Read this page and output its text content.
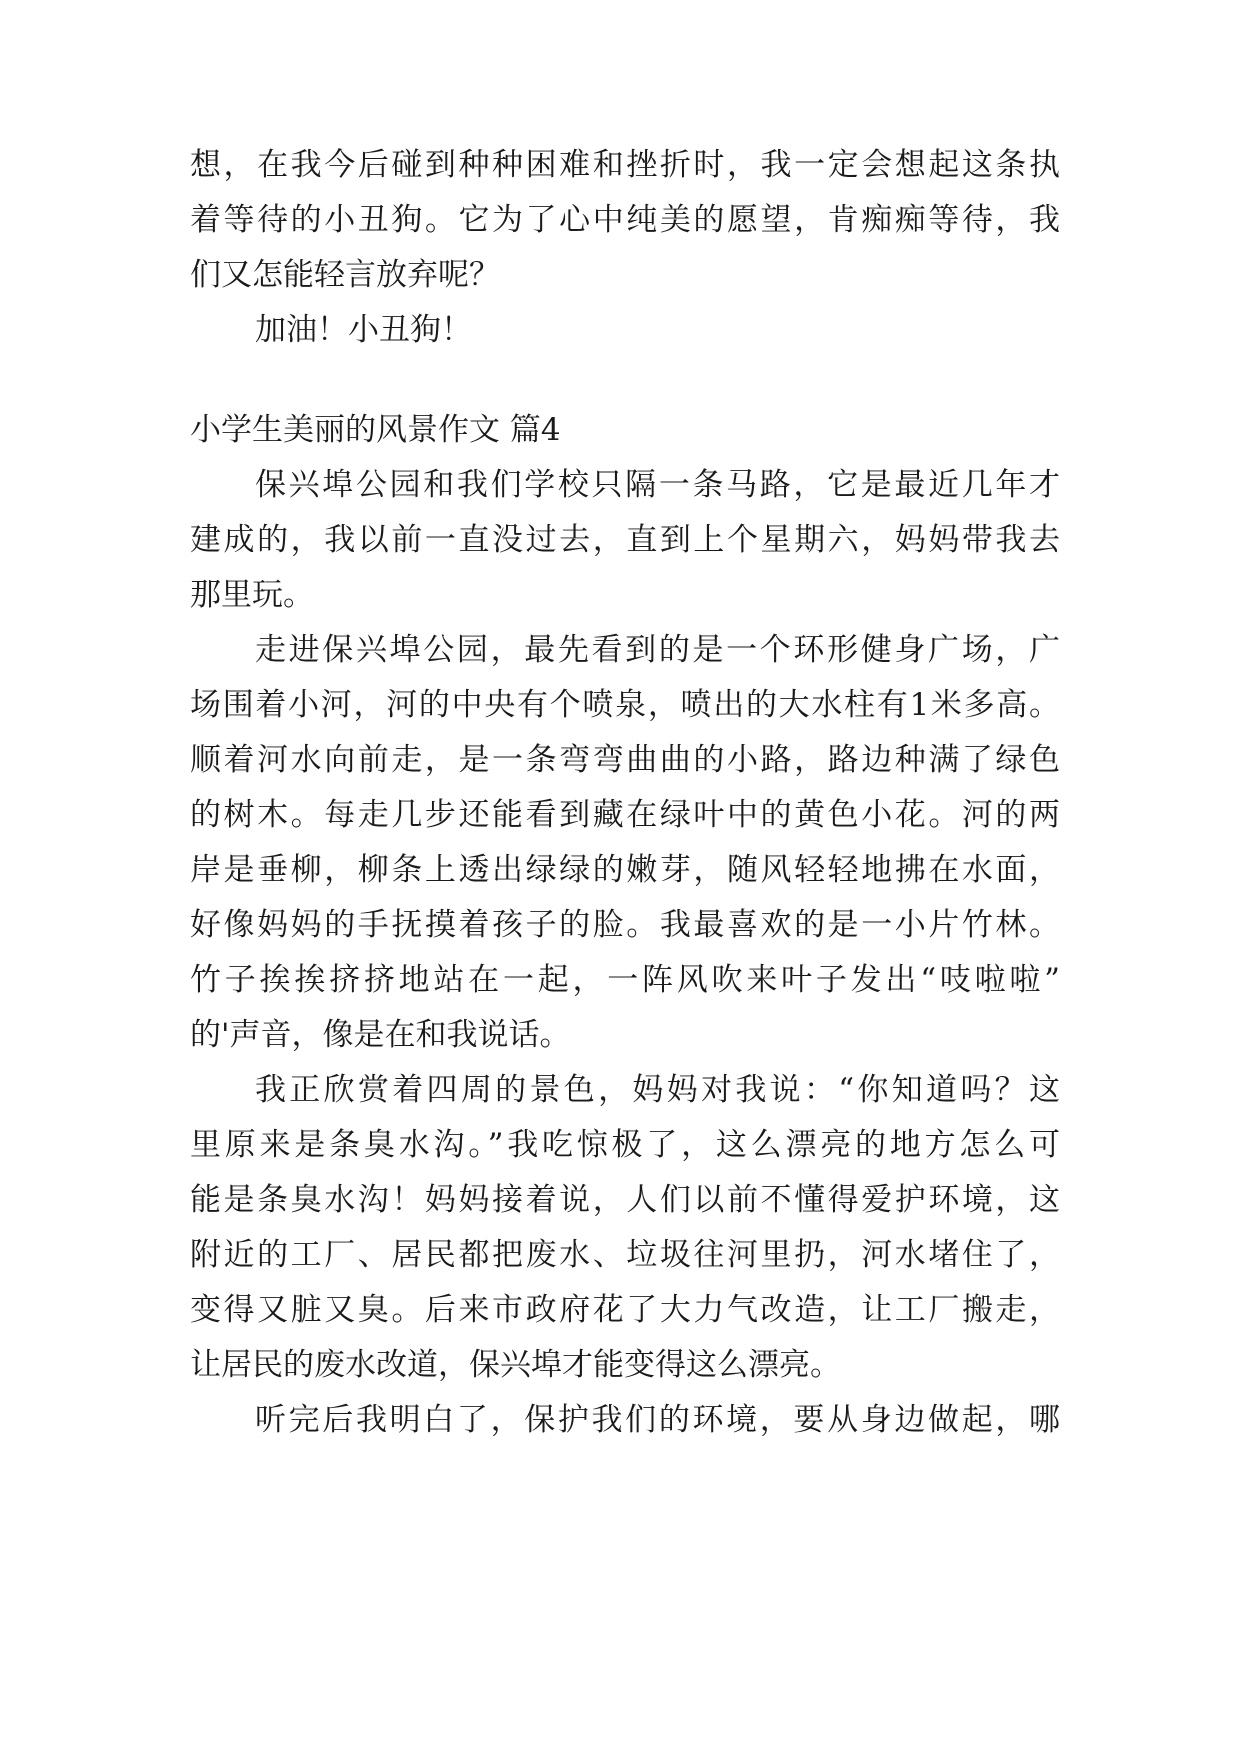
想，在我今后碰到种种困难和挫折时，我一定会想起这条执
着等待的小丑狗。它为了心中纯美的愿望，肯痴痴等待，我
们又怎能轻言放弃呢？
加油！小丑狗！
小学生美丽的风景作文 篇4
保兴埠公园和我们学校只隔一条马路，它是最近几年才
建成的，我以前一直没过去，直到上个星期六，妈妈带我去
那里玩。
走进保兴埠公园，最先看到的是一个环形健身广场，广
场围着小河，河的中央有个喷泉，喷出的大水柱有1米多高。
顺着河水向前走，是一条弯弯曲曲的小路，路边种满了绿色
的树木。每走几步还能看到藏在绿叶中的黄色小花。河的两
岸是垂柳，柳条上透出绿绿的嫩芽，随风轻轻地拂在水面，
好像妈妈的手抚摸着孩子的脸。我最喜欢的是一小片竹林。
竹子挨挨挤挤地站在一起，一阵风吹来叶子发出“吱啦啦”
的'声音，像是在和我说话。
我正欣赏着四周的景色，妈妈对我说：“你知道吗？这
里原来是条臭水沟。”我吃惊极了，这么漂亮的地方怎么可
能是条臭水沟！妈妈接着说，人们以前不懂得爱护环境，这
附近的工厂、居民都把废水、垃圾往河里扔，河水堵住了，
变得又脏又臭。后来市政府花了大力气改造，让工厂搬走，
让居民的废水改道，保兴埠才能变得这么漂亮。
听完后我明白了，保护我们的环境，要从身边做起，哪
